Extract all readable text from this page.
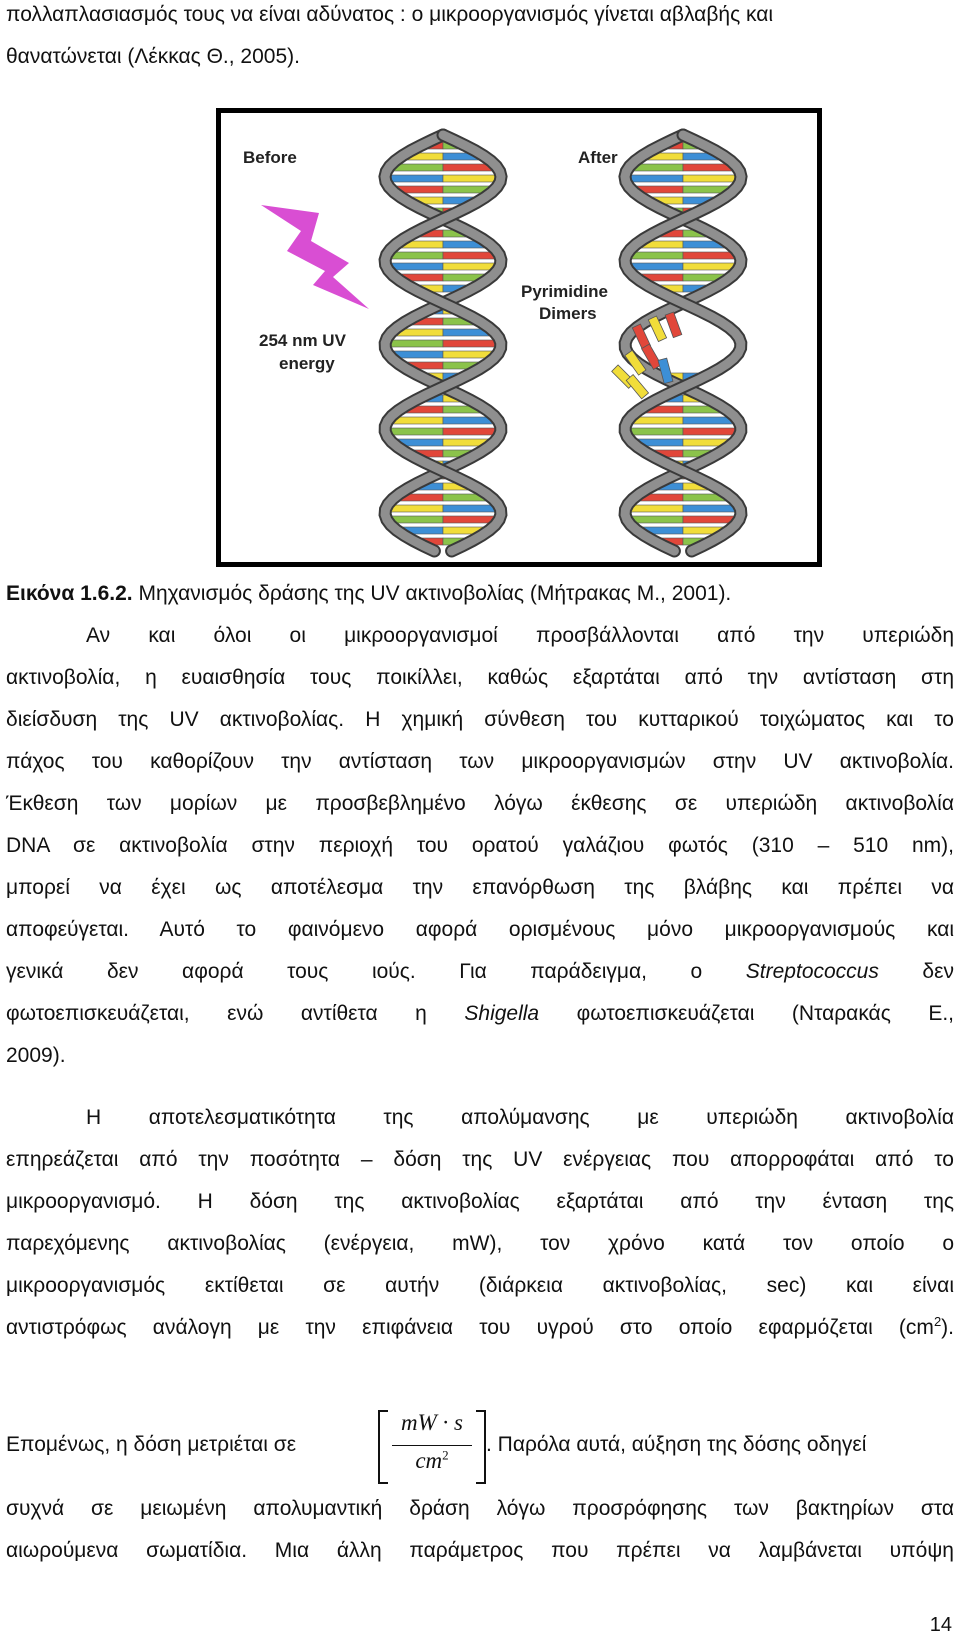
πολλαπλασιασμός τους να είναι αδύνατος : ο μικροοργανισμός γίνεται αβλαβής και
θανατώνεται (Λέκκας Θ., 2005).
Before	After
254 nm UV
energy
Pyrimidine
Dimers
Εικόνα 1.6.2. Μηχανισμός δράσης της UV ακτινοβολίας (Μήτρακας Μ., 2001).
Αν και όλοι οι μικροοργανισμοί προσβάλλονται από την υπεριώδη
ακτινοβολία, η ευαισθησία τους ποικίλλει, καθώς εξαρτάται από την αντίσταση στη
διείσδυση της UV ακτινοβολίας. Η χημική σύνθεση του κυτταρικού τοιχώματος και το
πάχος του καθορίζουν την αντίσταση των μικροοργανισμών στην UV ακτινοβολία.
Έκθεση των μορίων με προσβεβλημένο λόγω έκθεσης σε υπεριώδη ακτινοβολία
DNA σε ακτινοβολία στην περιοχή του ορατού γαλάζιου φωτός (310 – 510 nm),
μπορεί να έχει ως αποτέλεσμα την επανόρθωση της βλάβης και πρέπει να
αποφεύγεται. Αυτό το φαινόμενο αφορά ορισμένους μόνο μικροοργανισμούς και
γενικά δεν αφορά τους ιούς. Για παράδειγμα, ο Streptococcus δεν
φωτοεπισκευάζεται, ενώ αντίθετα η Shigella φωτοεπισκευάζεται (Νταρακάς Ε.,
2009).
Η αποτελεσματικότητα της απολύμανσης με υπεριώδη ακτινοβολία
επηρεάζεται από την ποσότητα – δόση της UV ενέργειας που απορροφάται από το
μικροοργανισμό. Η δόση της ακτινοβολίας εξαρτάται από την ένταση της
παρεχόμενης ακτινοβολίας (ενέργεια, mW), τον χρόνο κατά τον οποίο ο
μικροοργανισμός εκτίθεται σε αυτήν (διάρκεια ακτινοβολίας, sec) και είναι
αντιστρόφως ανάλογη με την επιφάνεια του υγρού στο οποίο εφαρμόζεται $(cm^2)$.
Επομένως, η δόση μετριέται σε
mW · s
$cm^2$	. Παρόλα αυτά, αύξηση της δόσης οδηγεί
συχνά σε μειωμένη απολυμαντική δράση λόγω προσρόφησης των βακτηρίων στα
αιωρούμενα σωματίδια. Μια άλλη παράμετρος που πρέπει να λαμβάνεται υπόψη
14
